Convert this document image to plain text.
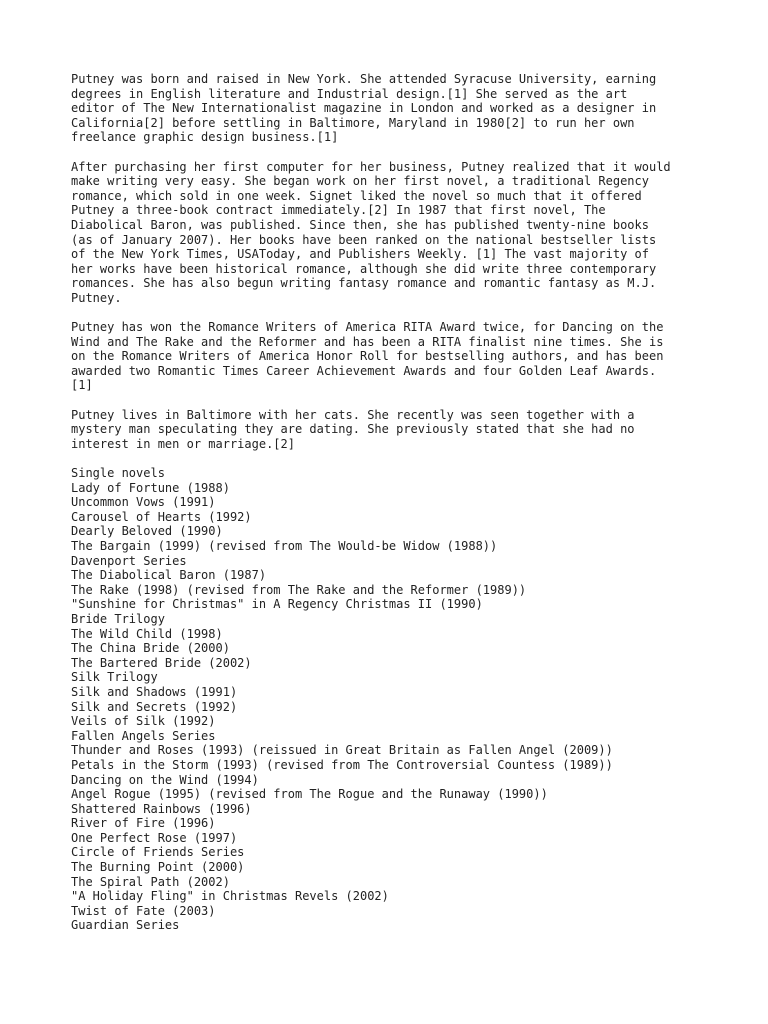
Putney was born and raised in New York. She attended Syracuse University, earning
degrees in English literature and Industrial design.[1] She served as the art
editor of The New Internationalist magazine in London and worked as a designer in
California[2] before settling in Baltimore, Maryland in 1980[2] to run her own
freelance graphic design business.[1]
After purchasing her first computer for her business, Putney realized that it would
make writing very easy. She began work on her first novel, a traditional Regency
romance, which sold in one week. Signet liked the novel so much that it offered
Putney a three-book contract immediately.[2] In 1987 that first novel, The
Diabolical Baron, was published. Since then, she has published twenty-nine books
(as of January 2007). Her books have been ranked on the national bestseller lists
of the New York Times, USAToday, and Publishers Weekly. [1] The vast majority of
her works have been historical romance, although she did write three contemporary
romances. She has also begun writing fantasy romance and romantic fantasy as M.J.
Putney.
Putney has won the Romance Writers of America RITA Award twice, for Dancing on the
Wind and The Rake and the Reformer and has been a RITA finalist nine times. She is
on the Romance Writers of America Honor Roll for bestselling authors, and has been
awarded two Romantic Times Career Achievement Awards and four Golden Leaf Awards.
[1]
Putney lives in Baltimore with her cats. She recently was seen together with a
mystery man speculating they are dating. She previously stated that she had no
interest in men or marriage.[2]
Single novels
Lady of Fortune (1988)
Uncommon Vows (1991)
Carousel of Hearts (1992)
Dearly Beloved (1990)
The Bargain (1999) (revised from The Would-be Widow (1988))
Davenport Series
The Diabolical Baron (1987)
The Rake (1998) (revised from The Rake and the Reformer (1989))
"Sunshine for Christmas" in A Regency Christmas II (1990)
Bride Trilogy
The Wild Child (1998)
The China Bride (2000)
The Bartered Bride (2002)
Silk Trilogy
Silk and Shadows (1991)
Silk and Secrets (1992)
Veils of Silk (1992)
Fallen Angels Series
Thunder and Roses (1993) (reissued in Great Britain as Fallen Angel (2009))
Petals in the Storm (1993) (revised from The Controversial Countess (1989))
Dancing on the Wind (1994)
Angel Rogue (1995) (revised from The Rogue and the Runaway (1990))
Shattered Rainbows (1996)
River of Fire (1996)
One Perfect Rose (1997)
Circle of Friends Series
The Burning Point (2000)
The Spiral Path (2002)
"A Holiday Fling" in Christmas Revels (2002)
Twist of Fate (2003)
Guardian Series
